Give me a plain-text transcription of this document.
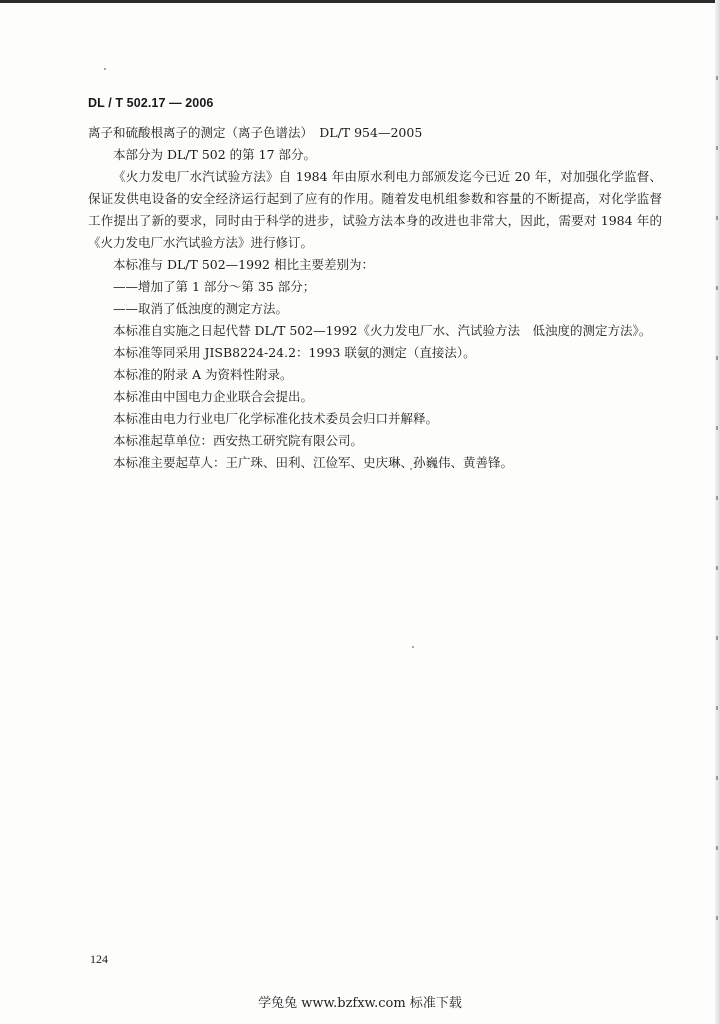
DL / T 502.17 — 2006

离子和硫酸根离子的测定（离子色谱法）　DL/T 954—2005

本部分为 DL/T 502 的第 17 部分。

《火力发电厂水汽试验方法》自 1984 年由原水利电力部颁发迄今已近 20 年，对加强化学监督、保证发供电设备的安全经济运行起到了应有的作用。随着发电机组参数和容量的不断提高，对化学监督工作提出了新的要求，同时由于科学的进步，试验方法本身的改进也非常大，因此，需要对 1984 年的《火力发电厂水汽试验方法》进行修订。

本标准与 DL/T 502—1992 相比主要差别为：

——增加了第 1 部分～第 35 部分；

——取消了低浊度的测定方法。

本标准自实施之日起代替 DL/T 502—1992《火力发电厂水、汽试验方法　低浊度的测定方法》。

本标准等同采用 JISB8224-24.2：1993 联氨的测定（直接法）。

本标准的附录 A 为资料性附录。

本标准由中国电力企业联合会提出。

本标准由电力行业电厂化学标准化技术委员会归口并解释。

本标准起草单位：西安热工研究院有限公司。

本标准主要起草人：王广珠、田利、江俭军、史庆琳、孙巍伟、黄善锋。

124
学兔兔 www.bzfxw.com 标准下载
